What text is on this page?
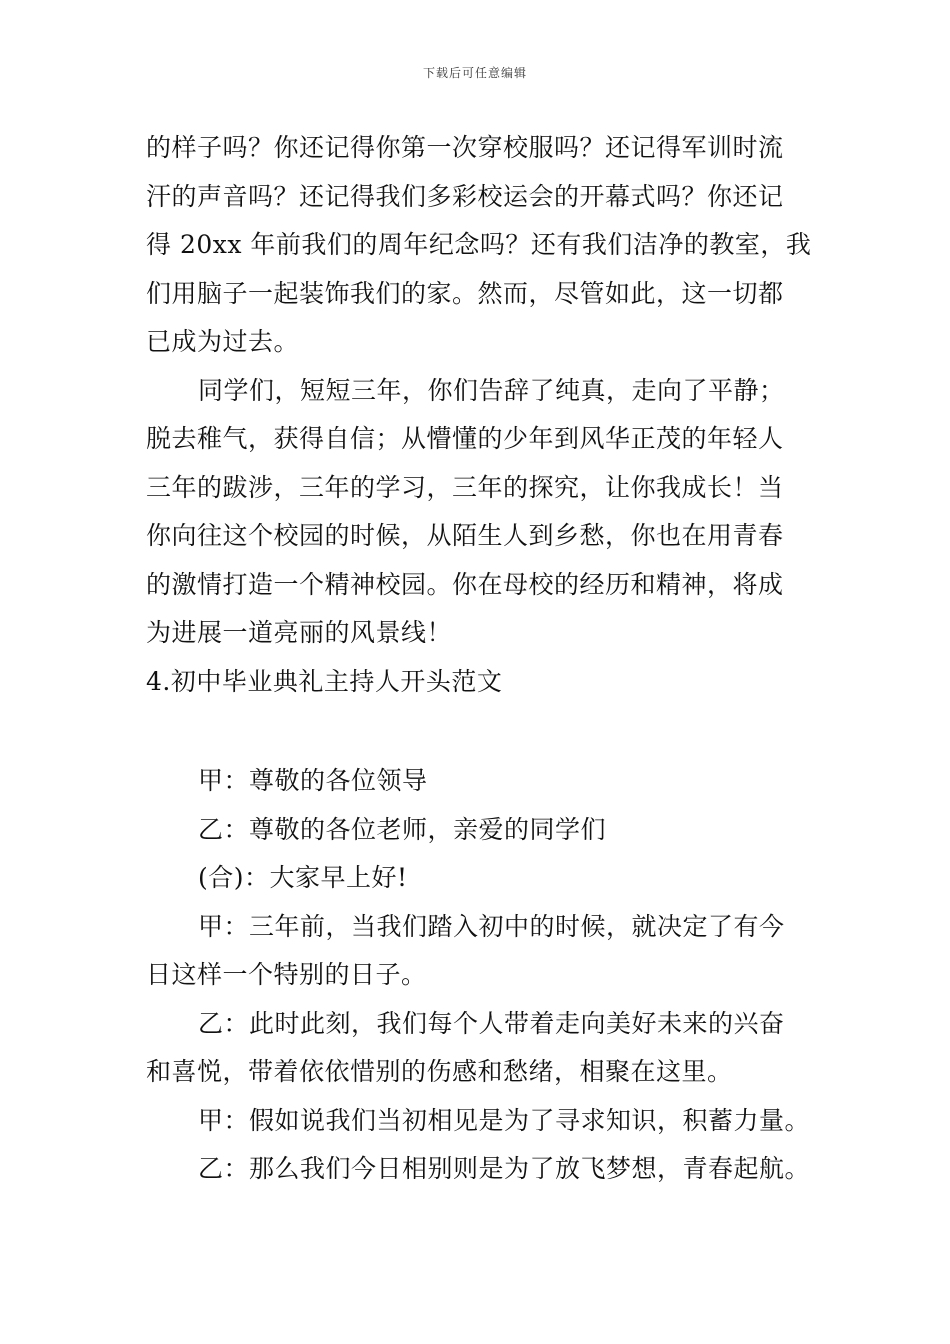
下载后可任意编辑
的样子吗？你还记得你第一次穿校服吗？还记得军训时流
汗的声音吗？还记得我们多彩校运会的开幕式吗？你还记
得 20xx 年前我们的周年纪念吗？还有我们洁净的教室，我
们用脑子一起装饰我们的家。然而，尽管如此，这一切都
已成为过去。
同学们，短短三年，你们告辞了纯真，走向了平静；
脱去稚气，获得自信；从懵懂的少年到风华正茂的年轻人
三年的跋涉，三年的学习，三年的探究，让你我成长！当
你向往这个校园的时候，从陌生人到乡愁，你也在用青春
的激情打造一个精神校园。你在母校的经历和精神，将成
为进展一道亮丽的风景线！
4.初中毕业典礼主持人开头范文
甲：尊敬的各位领导
乙：尊敬的各位老师，亲爱的同学们
(合)：大家早上好!
甲：三年前，当我们踏入初中的时候，就决定了有今
日这样一个特别的日子。
乙：此时此刻，我们每个人带着走向美好未来的兴奋
和喜悦，带着依依惜别的伤感和愁绪，相聚在这里。
甲：假如说我们当初相见是为了寻求知识，积蓄力量。
乙：那么我们今日相别则是为了放飞梦想，青春起航。
